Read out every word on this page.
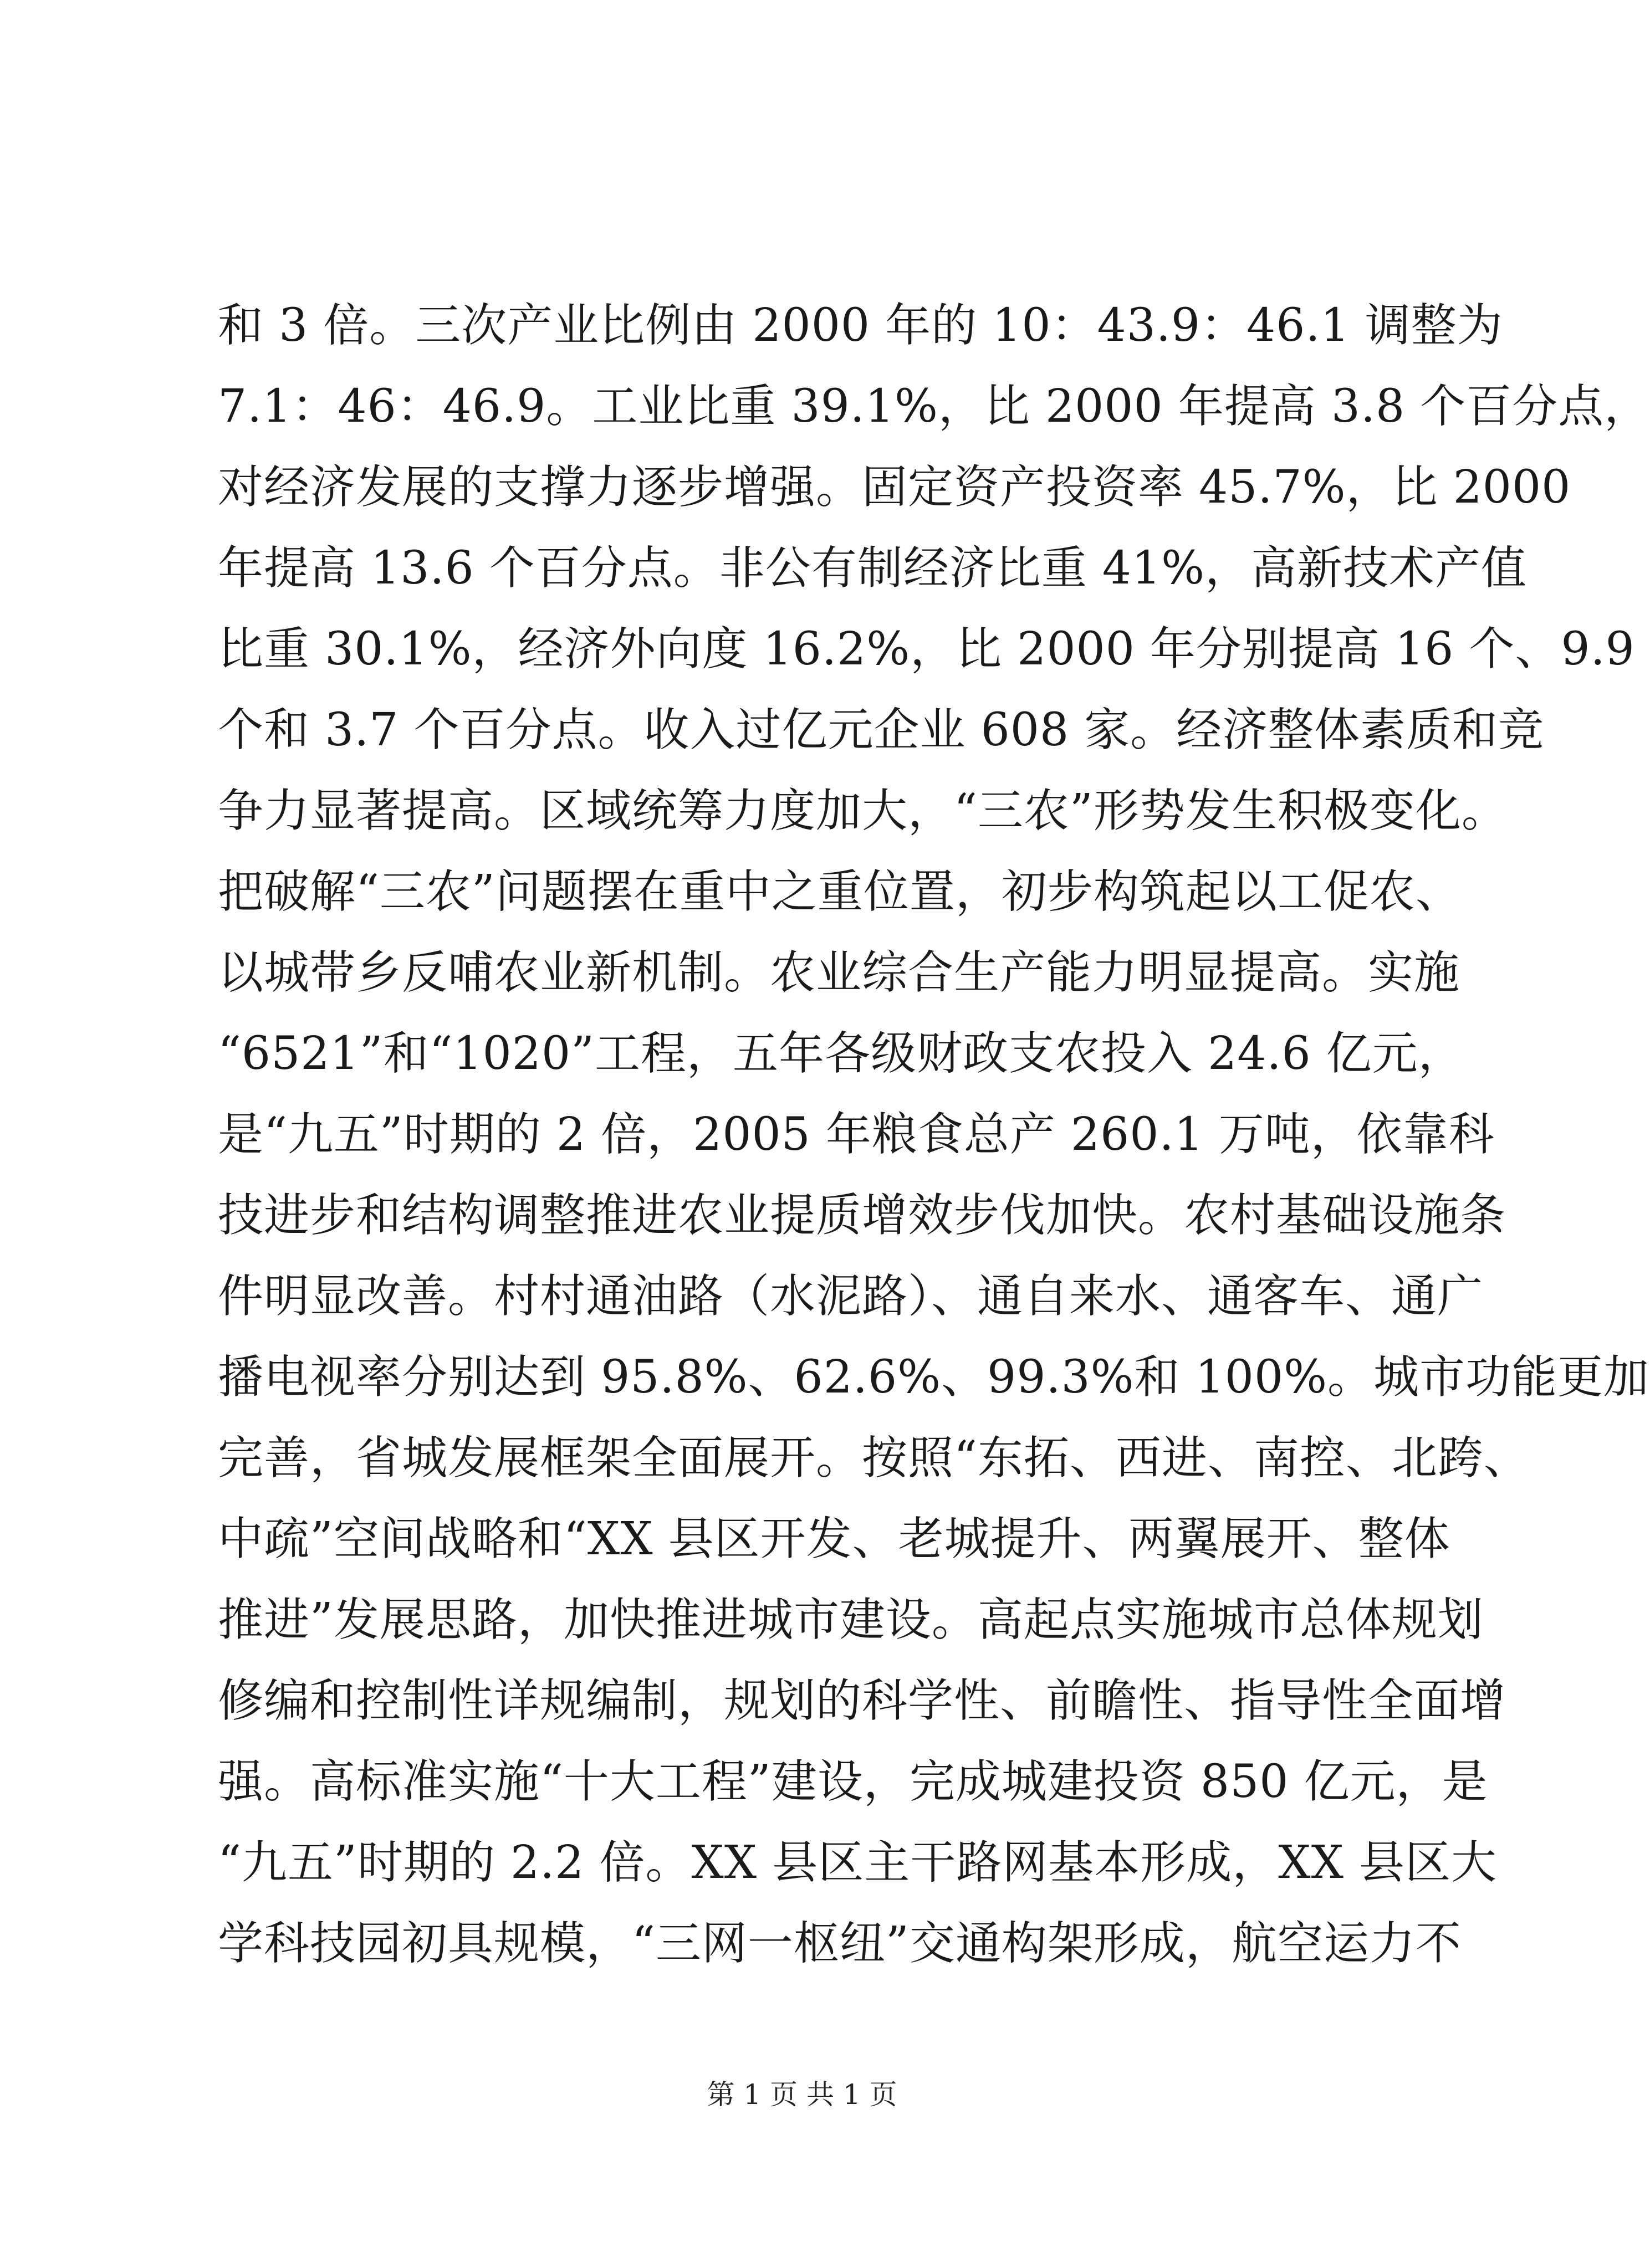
和 3 倍。三次产业比例由 2000 年的 10：43.9：46.1 调整为
7.1：46：46.9。工业比重 39.1%，比 2000 年提高 3.8 个百分点，
对经济发展的支撑力逐步增强。固定资产投资率 45.7%，比 2000
年提高 13.6 个百分点。非公有制经济比重 41%，高新技术产值
比重 30.1%，经济外向度 16.2%，比 2000 年分别提高 16 个、9.9
个和 3.7 个百分点。收入过亿元企业 608 家。经济整体素质和竞
争力显著提高。区域统筹力度加大，“三农”形势发生积极变化。
把破解“三农”问题摆在重中之重位置，初步构筑起以工促农、
以城带乡反哺农业新机制。农业综合生产能力明显提高。实施
“6521”和“1020”工程，五年各级财政支农投入 24.6 亿元，
是“九五”时期的 2 倍，2005 年粮食总产 260.1 万吨，依靠科
技进步和结构调整推进农业提质增效步伐加快。农村基础设施条
件明显改善。村村通油路（水泥路）、通自来水、通客车、通广
播电视率分别达到 95.8%、62.6%、99.3%和 100%。城市功能更加
完善，省城发展框架全面展开。按照“东拓、西进、南控、北跨、
中疏”空间战略和“XX 县区开发、老城提升、两翼展开、整体
推进”发展思路，加快推进城市建设。高起点实施城市总体规划
修编和控制性详规编制，规划的科学性、前瞻性、指导性全面增
强。高标准实施“十大工程”建设，完成城建投资 850 亿元，是
“九五”时期的 2.2 倍。XX 县区主干路网基本形成，XX 县区大
学科技园初具规模，“三网一枢纽”交通构架形成，航空运力不
第 1 页 共 1 页
